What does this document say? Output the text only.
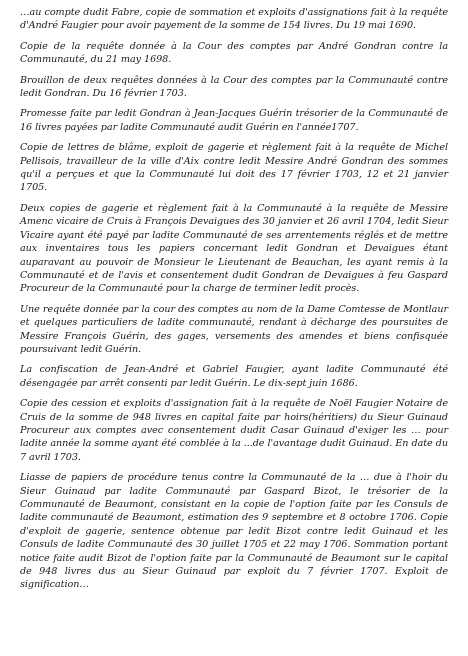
…au compte dudit Fabre, copie de sommation et exploits d'assignations fait à la requête d'André Faugier pour avoir payement de la somme de 154 livres. Du 19 mai 1690.

Copie de la requête donnée à la Cour des comptes par André Gondran contre la Communauté, du 21 may 1698.

Brouillon de deux requêtes données à la Cour des comptes par la Communauté contre ledit Gondran. Du 16 février 1703.

Promesse faite par ledit Gondran à Jean-Jacques Guérin trésorier de la Communauté de 16 livres payées par ladite Communauté audit Guérin en l'année1707.

Copie de lettres de blâme, exploit de gagerie et règlement fait à la requête de Michel Pellisois, travailleur de la ville d'Aix contre ledit Messire André Gondran des sommes qu'il a perçues et que la Communauté lui doit des 17 février 1703, 12 et 21 janvier 1705.

Deux copies de gagerie et règlement fait à la Communauté à la requête de Messire Amenc vicaire de Cruis à François Devaigues des 30 janvier et 26 avril 1704, ledit Sieur Vicaire ayant été payé par ladite Communauté de ses arrentements réglés et de mettre aux inventaires tous les papiers concernant ledit Gondran et Devaigues étant auparavant au pouvoir de Monsieur le Lieutenant de Beauchan, les ayant remis à la Communauté et de l'avis et consentement dudit Gondran de Devaigues à feu Gaspard Procureur de la Communauté pour la charge de terminer ledit procès.

Une requête donnée par la cour des comptes au nom de la Dame Comtesse de Montlaur et quelques particuliers de ladite communauté, rendant à décharge des poursuites de Messire François Guérin, des gages, versements des amendes et biens confisquée poursuivant ledit Guérin.

La confiscation de Jean-André et Gabriel Faugier, ayant ladite Communauté été désengagée par arrêt consenti par ledit Guérin. Le dix-sept juin 1686.

Copie des cession et exploits d'assignation fait à la requête de Noël Faugier Notaire de Cruis de la somme de 948 livres en capital faite par hoirs(héritiers) du Sieur Guinaud Procureur aux comptes avec consentement dudit Casar Guinaud d'exiger les … pour ladite année la somme ayant été comblée à la ...de l'avantage dudit Guinaud. En date du 7 avril 1703.

Liasse de papiers de procédure tenus contre la Communauté de la … due à l'hoir du Sieur Guinaud par ladite Communauté par Gaspard Bizot, le trésorier de la Communauté de Beaumont, consistant en la copie de l'option faite par les Consuls de ladite communauté de Beaumont, estimation des 9 septembre et 8 octobre 1706. Copie d'exploit de gagerie, sentence obtenue par ledit Bizot contre ledit Guinaud et les Consuls de ladite Communauté des 30 juillet 1705 et 22 may 1706. Sommation portant notice faite audit Bizot de l'option faite par la Communauté de Beaumont sur le capital de 948 livres dus au Sieur Guinaud par exploit du 7 février 1707. Exploit de signification…
